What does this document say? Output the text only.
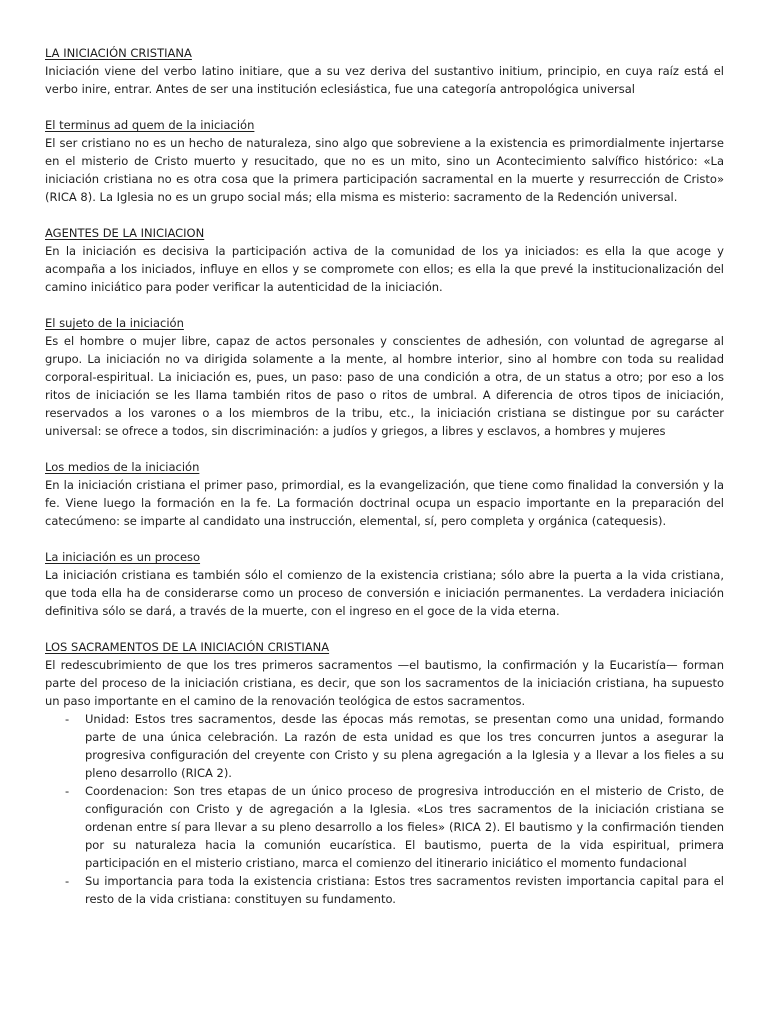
LA INICIACIÓN CRISTIANA
Iniciación viene del verbo latino initiare, que a su vez deriva del sustantivo initium, principio, en cuya raíz está el verbo inire, entrar. Antes de ser una institución eclesiástica, fue una categoría antropológica universal
El terminus ad quem de la iniciación
El ser cristiano no es un hecho de naturaleza, sino algo que sobreviene a la existencia es primordialmente injertarse en el misterio de Cristo muerto y resucitado, que no es un mito, sino un Acontecimiento salvífico histórico: «La iniciación cristiana no es otra cosa que la primera participación sacramental en la muerte y resurrección de Cristo» (RICA 8). La Iglesia no es un grupo social más; ella misma es misterio: sacramento de la Redención universal.
AGENTES DE LA INICIACION
En la iniciación es decisiva la participación activa de la comunidad de los ya iniciados: es ella la que acoge y acompaña a los iniciados, influye en ellos y se compromete con ellos; es ella la que prevé la institucionalización del camino iniciático para poder verificar la autenticidad de la iniciación.
El sujeto de la iniciación
Es el hombre o mujer libre, capaz de actos personales y conscientes de adhesión, con voluntad de agregarse al grupo. La iniciación no va dirigida solamente a la mente, al hombre interior, sino al hombre con toda su realidad corporal-espiritual. La iniciación es, pues, un paso: paso de una condición a otra, de un status a otro; por eso a los ritos de iniciación se les llama también ritos de paso o ritos de umbral. A diferencia de otros tipos de iniciación, reservados a los varones o a los miembros de la tribu, etc., la iniciación cristiana se distingue por su carácter universal: se ofrece a todos, sin discriminación: a judíos y griegos, a libres y esclavos, a hombres y mujeres
Los medios de la iniciación
En la iniciación cristiana el primer paso, primordial, es la evangelización, que tiene como finalidad la conversión y la fe. Viene luego la formación en la fe. La formación doctrinal ocupa un espacio importante en la preparación del catecúmeno: se imparte al candidato una instrucción, elemental, sí, pero completa y orgánica (catequesis).
La iniciación es un proceso
La iniciación cristiana es también sólo el comienzo de la existencia cristiana; sólo abre la puerta a la vida cristiana, que toda ella ha de considerarse como un proceso de conversión e iniciación permanentes. La verdadera iniciación definitiva sólo se dará, a través de la muerte, con el ingreso en el goce de la vida eterna.
LOS SACRAMENTOS DE LA INICIACIÓN CRISTIANA
El redescubrimiento de que los tres primeros sacramentos —el bautismo, la confirmación y la Eucaristía— forman parte del proceso de la iniciación cristiana, es decir, que son los sacramentos de la iniciación cristiana, ha supuesto un paso importante en el camino de la renovación teológica de estos sacramentos.
- Unidad: Estos tres sacramentos, desde las épocas más remotas, se presentan como una unidad, formando parte de una única celebración. La razón de esta unidad es que los tres concurren juntos a asegurar la progresiva configuración del creyente con Cristo y su plena agregación a la Iglesia y a llevar a los fieles a su pleno desarrollo (RICA 2).
- Coordenacion: Son tres etapas de un único proceso de progresiva introducción en el misterio de Cristo, de configuración con Cristo y de agregación a la Iglesia. «Los tres sacramentos de la iniciación cristiana se ordenan entre sí para llevar a su pleno desarrollo a los fieles» (RICA 2). El bautismo y la confirmación tienden por su naturaleza hacia la comunión eucarística. El bautismo, puerta de la vida espiritual, primera participación en el misterio cristiano, marca el comienzo del itinerario iniciático el momento fundacional
- Su importancia para toda la existencia cristiana: Estos tres sacramentos revisten importancia capital para el resto de la vida cristiana: constituyen su fundamento.
